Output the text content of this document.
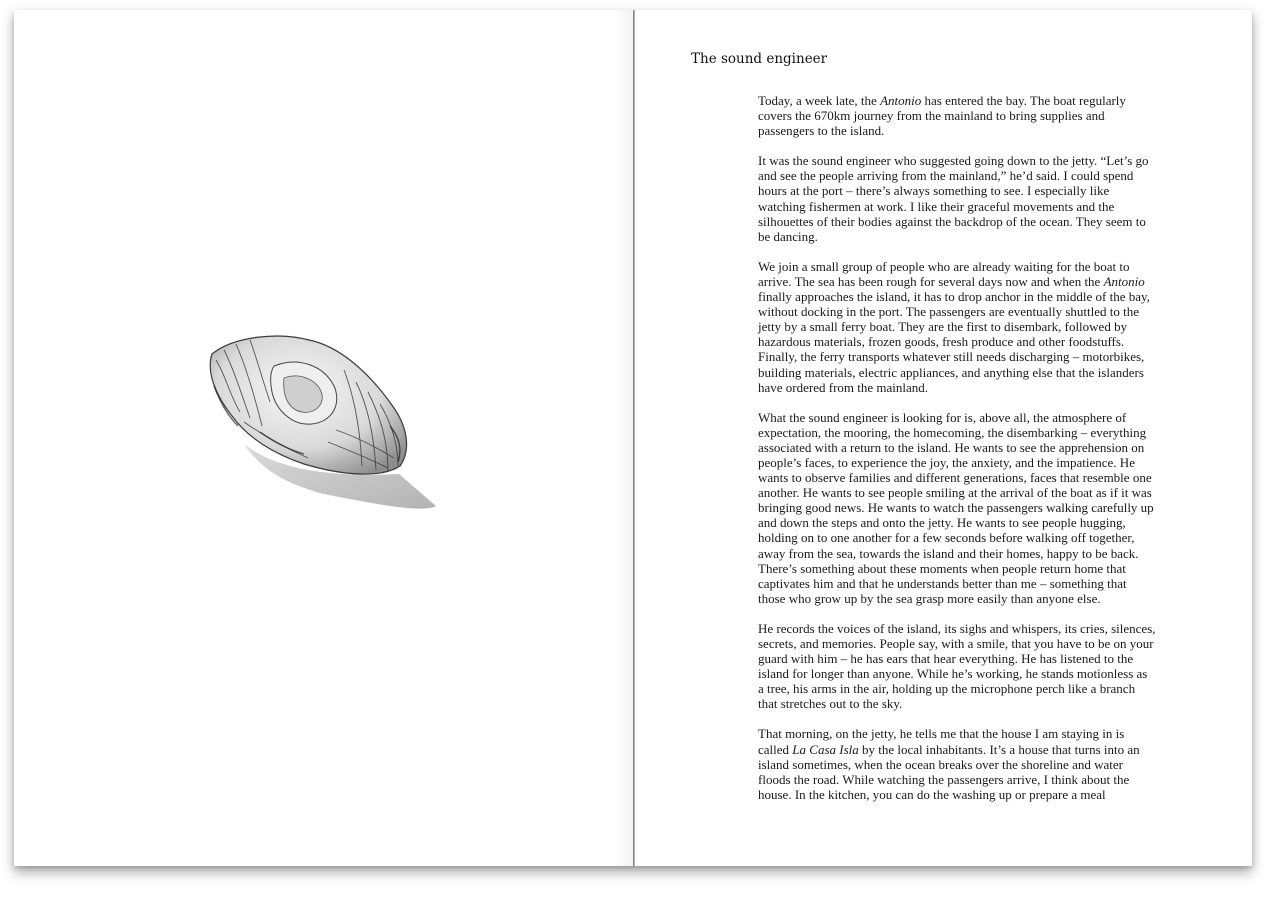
The sound engineer

Today, a week late, the Antonio has entered the bay. The boat regularly covers the 670km journey from the mainland to bring supplies and passengers to the island.

It was the sound engineer who suggested going down to the jetty. “Let’s go and see the people arriving from the mainland,” he’d said. I could spend hours at the port – there’s always something to see. I especially like watching fishermen at work. I like their graceful movements and the silhouettes of their bodies against the backdrop of the ocean. They seem to be dancing.

We join a small group of people who are already waiting for the boat to arrive. The sea has been rough for several days now and when the Antonio finally approaches the island, it has to drop anchor in the middle of the bay, without docking in the port. The passengers are eventually shuttled to the jetty by a small ferry boat. They are the first to disembark, followed by hazardous materials, frozen goods, fresh produce and other foodstuffs. Finally, the ferry transports whatever still needs discharging – motorbikes, building materials, electric appliances, and anything else that the islanders have ordered from the mainland.

What the sound engineer is looking for is, above all, the atmosphere of expectation, the mooring, the homecoming, the disembarking – everything associated with a return to the island. He wants to see the apprehension on people’s faces, to experience the joy, the anxiety, and the impatience. He wants to observe families and different generations, faces that resemble one another. He wants to see people smiling at the arrival of the boat as if it was bringing good news. He wants to watch the passengers walking carefully up and down the steps and onto the jetty. He wants to see people hugging, holding on to one another for a few seconds before walking off together, away from the sea, towards the island and their homes, happy to be back. There’s something about these moments when people return home that captivates him and that he understands better than me – something that those who grow up by the sea grasp more easily than anyone else.

He records the voices of the island, its sighs and whispers, its cries, silences, secrets, and memories. People say, with a smile, that you have to be on your guard with him – he has ears that hear everything. He has listened to the island for longer than anyone. While he’s working, he stands motionless as a tree, his arms in the air, holding up the microphone perch like a branch that stretches out to the sky.

That morning, on the jetty, he tells me that the house I am staying in is called La Casa Isla by the local inhabitants. It’s a house that turns into an island sometimes, when the ocean breaks over the shoreline and water floods the road. While watching the passengers arrive, I think about the house. In the kitchen, you can do the washing up or prepare a meal
